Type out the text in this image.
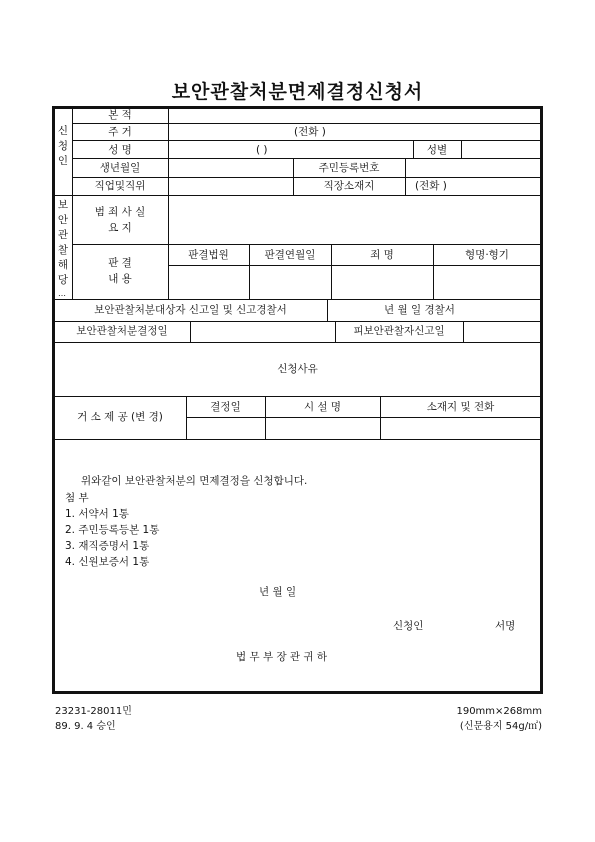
보안관찰처분면제결정신청서
신청인
본 적
주 거	(전화 )
성 명	( )	성별
생년월일	주민등록번호
직업및직위	직장소재지	(전화 )
보안관찰해당
…
범 죄 사 실
요 지
판 결
내 용
판결법원	판결연월일	죄 명	형명·형기
보안관찰처분대상자 신고일 및 신고경찰서	년 월 일 경찰서
보안관찰처분결정일	피보안관찰자신고일
신청사유
거 소 제 공 (변 경)
결정일	시 설 명	소재지 및 전화
위와같이 보안관찰처분의 면제결정을 신청합니다.
첨 부
1. 서약서 1통
2. 주민등록등본 1통
3. 재직증명서 1통
4. 신원보증서 1통
년 월 일
신청인	서명
법 무 부 장 관 귀 하
23231-28011민
89. 9. 4 승인
190mm×268mm
(신문용지 54g/㎡)
